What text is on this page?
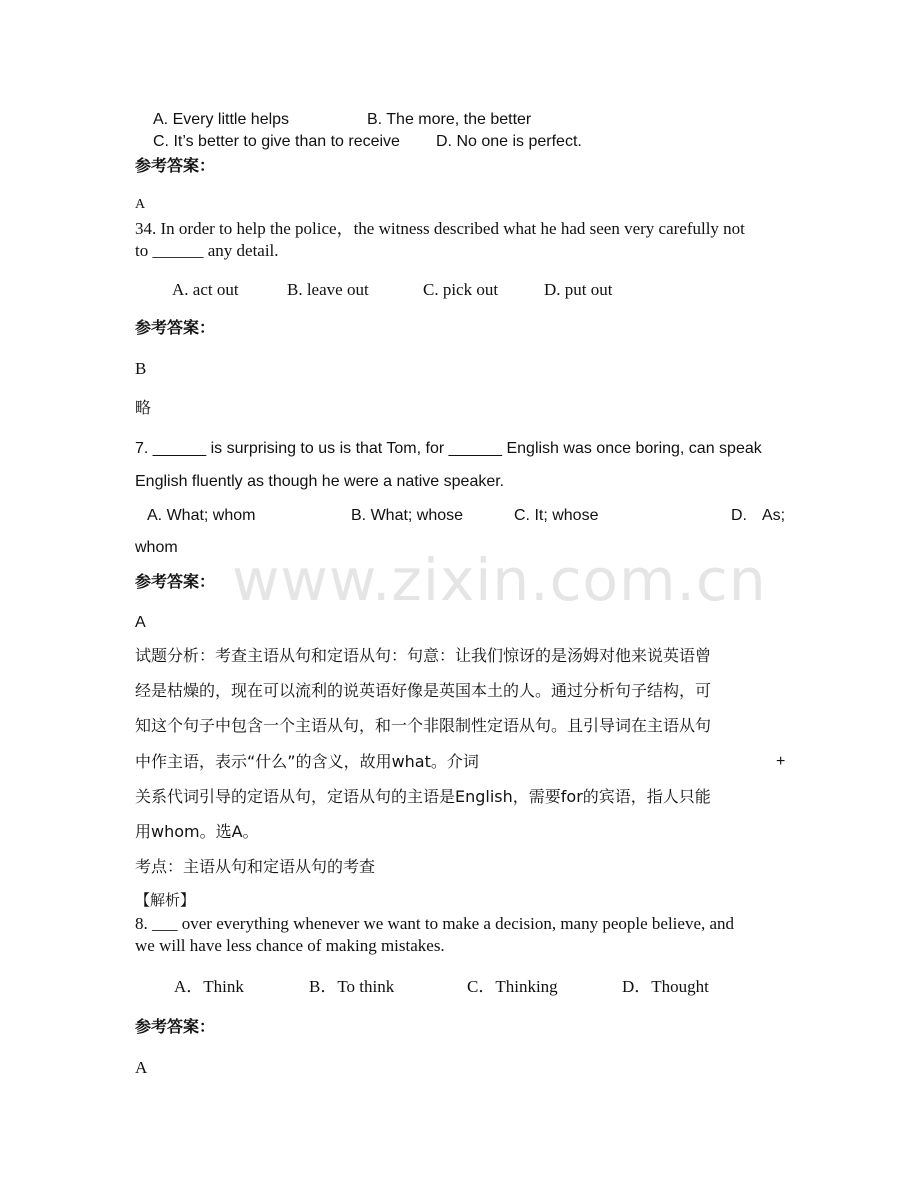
A. Every little helps	B. The more, the better
C. It’s better to give than to receive D. No one is perfect.
参考答案：
A
34. In order to help the police，the witness described what he had seen very carefully not
to ______ any detail.
A. act out	B. leave out	C. pick out	D. put out
参考答案：
B
略
7. ______ is surprising to us is that Tom, for ______ English was once boring, can speak
English fluently as though he were a native speaker.
A. What; whom	B. What; whose	C. It; whose	D. As;
whom
参考答案：
A
试题分析：考查主语从句和定语从句：句意：让我们惊讶的是汤姆对他来说英语曾
经是枯燥的，现在可以流利的说英语好像是英国本土的人。通过分析句子结构，可
知这个句子中包含一个主语从句，和一个非限制性定语从句。且引导词在主语从句
中作主语，表示“什么”的含义，故用what。介词	+
关系代词引导的定语从句，定语从句的主语是English，需要for的宾语，指人只能
用whom。选A。
考点：主语从句和定语从句的考查
【解析】
8. ___ over everything whenever we want to make a decision, many people believe, and
we will have less chance of making mistakes.
A．Think	B．To think	C．Thinking	D．Thought
参考答案：
A
www.zixin.com.cn
